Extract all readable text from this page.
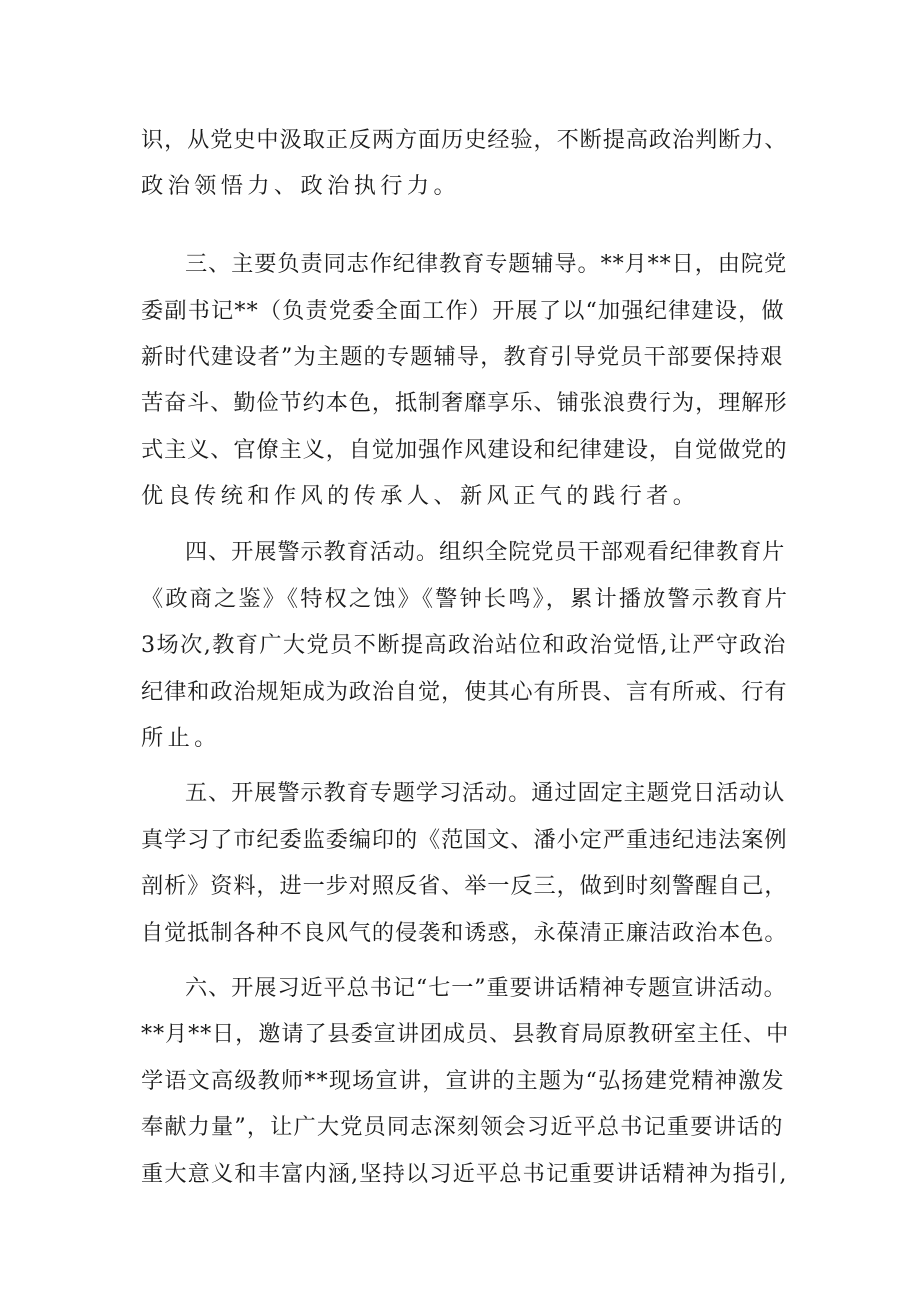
识，从党史中汲取正反两方面历史经验，不断提高政治判断力、

政治领悟力、政治执行力。

三、主要负责同志作纪律教育专题辅导。**月**日，由院党

委副书记**（负责党委全面工作）开展了以“加强纪律建设，做

新时代建设者”为主题的专题辅导，教育引导党员干部要保持艰

苦奋斗、勤俭节约本色，抵制奢靡享乐、铺张浪费行为，理解形

式主义、官僚主义，自觉加强作风建设和纪律建设，自觉做党的

优良传统和作风的传承人、新风正气的践行者。

四、开展警示教育活动。组织全院党员干部观看纪律教育片

《政商之鉴》《特权之蚀》《警钟长鸣》，累计播放警示教育片

3场次,教育广大党员不断提高政治站位和政治觉悟,让严守政治

纪律和政治规矩成为政治自觉，使其心有所畏、言有所戒、行有

所止。

五、开展警示教育专题学习活动。通过固定主题党日活动认

真学习了市纪委监委编印的《范国文、潘小定严重违纪违法案例

剖析》资料，进一步对照反省、举一反三，做到时刻警醒自己，

自觉抵制各种不良风气的侵袭和诱惑，永葆清正廉洁政治本色。

六、开展习近平总书记“七一”重要讲话精神专题宣讲活动。

**月**日，邀请了县委宣讲团成员、县教育局原教研室主任、中

学语文高级教师**现场宣讲，宣讲的主题为“弘扬建党精神激发

奉献力量”，让广大党员同志深刻领会习近平总书记重要讲话的

重大意义和丰富内涵,坚持以习近平总书记重要讲话精神为指引,
